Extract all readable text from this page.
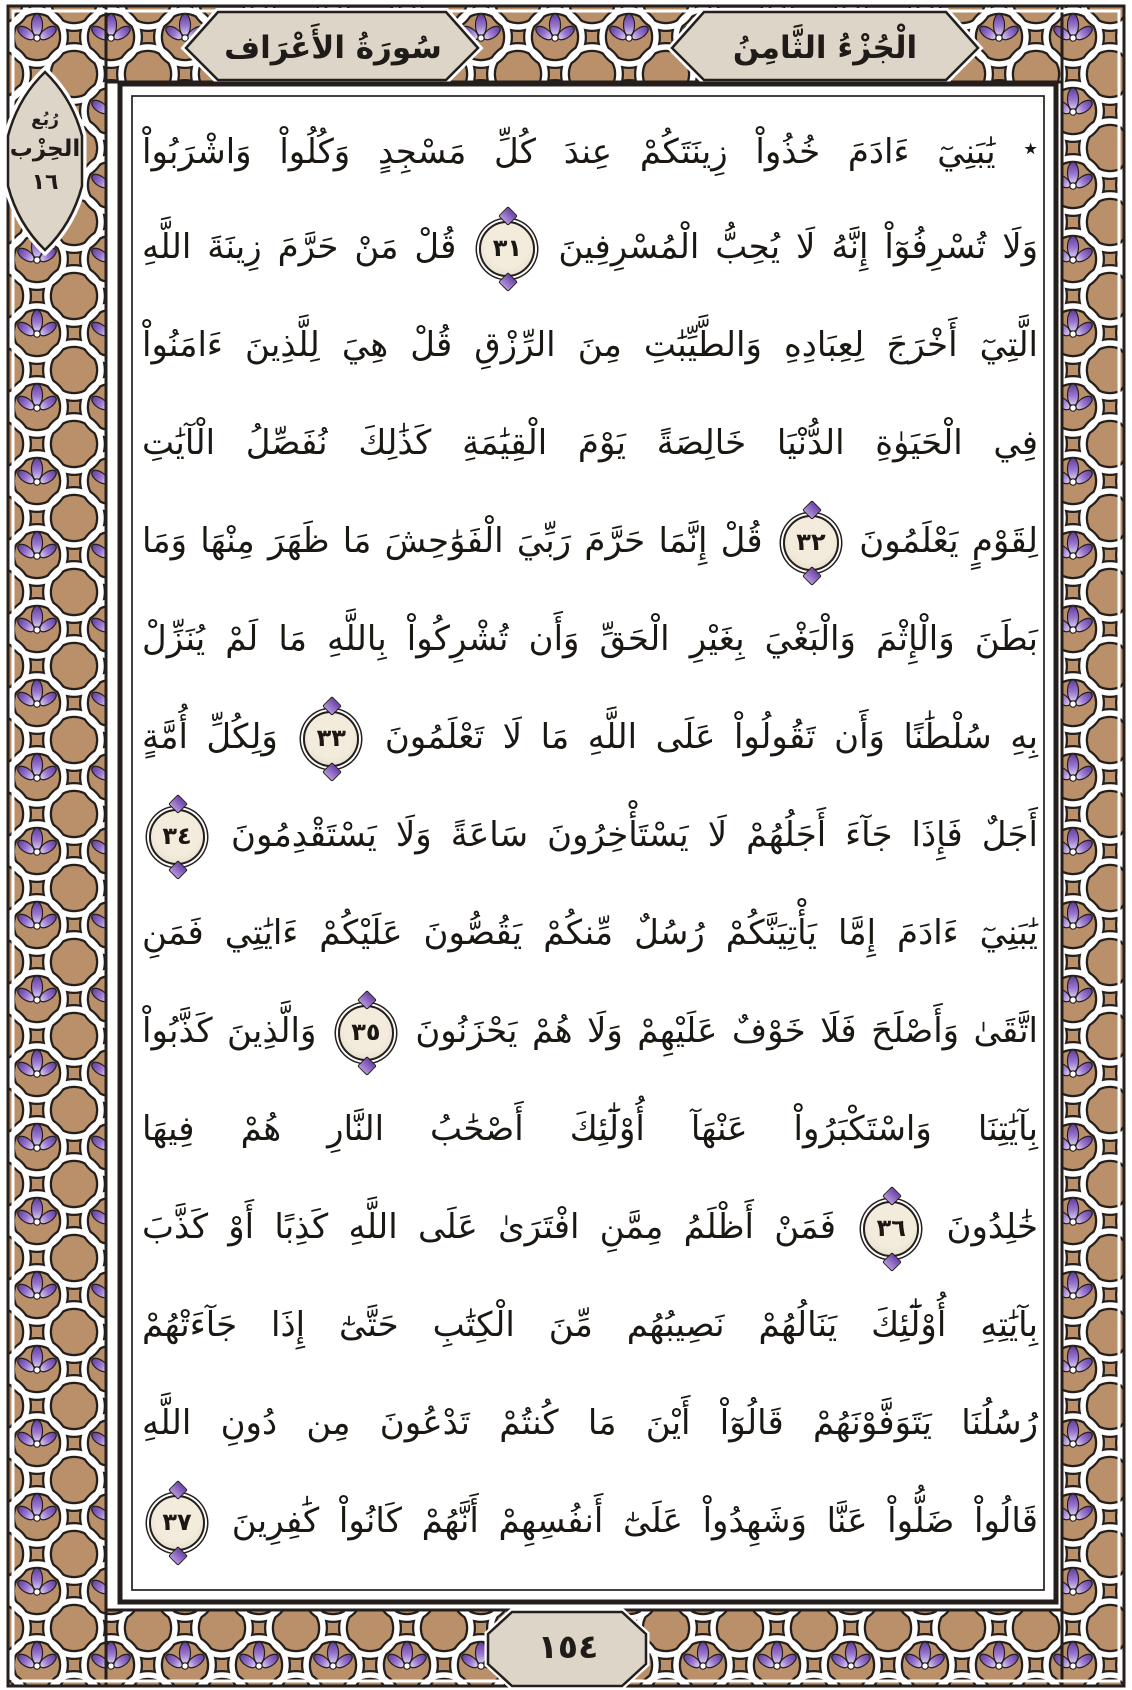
سُورَةُ الأَعْرَاف	الْجُزْءُ الثَّامِنُ
رُبُع
الحِزْب
١٦
٭ يَٰبَنِيٓ ءَادَمَ خُذُواْ زِينَتَكُمْ عِندَ كُلِّ مَسْجِدٍ وَكُلُواْ وَاشْرَبُواْ
وَلَا تُسْرِفُوٓاْ إِنَّهُ لَا يُحِبُّ الْمُسْرِفِينَ ٣١ قُلْ مَنْ حَرَّمَ زِينَةَ اللَّهِ
الَّتِيٓ أَخْرَجَ لِعِبَادِهِ وَالطَّيِّبَٰتِ مِنَ الرِّزْقِ قُلْ هِيَ لِلَّذِينَ ءَامَنُواْ
فِي الْحَيَوٰةِ الدُّنْيَا خَالِصَةً يَوْمَ الْقِيَٰمَةِ كَذَٰلِكَ نُفَصِّلُ الْآيَٰتِ
لِقَوْمٍ يَعْلَمُونَ ٣٢ قُلْ إِنَّمَا حَرَّمَ رَبِّيَ الْفَوَٰحِشَ مَا ظَهَرَ مِنْهَا وَمَا
بَطَنَ وَالْإِثْمَ وَالْبَغْيَ بِغَيْرِ الْحَقِّ وَأَن تُشْرِكُواْ بِاللَّهِ مَا لَمْ يُنَزِّلْ
بِهِ سُلْطَٰنًا وَأَن تَقُولُواْ عَلَى اللَّهِ مَا لَا تَعْلَمُونَ ٣٣ وَلِكُلِّ أُمَّةٍ
أَجَلٌ فَإِذَا جَآءَ أَجَلُهُمْ لَا يَسْتَأْخِرُونَ سَاعَةً وَلَا يَسْتَقْدِمُونَ ٣٤
يَٰبَنِيٓ ءَادَمَ إِمَّا يَأْتِيَنَّكُمْ رُسُلٌ مِّنكُمْ يَقُصُّونَ عَلَيْكُمْ ءَايَٰتِي فَمَنِ
اتَّقَىٰ وَأَصْلَحَ فَلَا خَوْفٌ عَلَيْهِمْ وَلَا هُمْ يَحْزَنُونَ ٣٥ وَالَّذِينَ كَذَّبُواْ
بِآيَٰتِنَا وَاسْتَكْبَرُواْ عَنْهَآ أُوْلَٰٓئِكَ أَصْحَٰبُ النَّارِ هُمْ فِيهَا
خَٰلِدُونَ ٣٦ فَمَنْ أَظْلَمُ مِمَّنِ افْتَرَىٰ عَلَى اللَّهِ كَذِبًا أَوْ كَذَّبَ
بِآيَٰتِهِ أُوْلَٰٓئِكَ يَنَالُهُمْ نَصِيبُهُم مِّنَ الْكِتَٰبِ حَتَّىٰٓ إِذَا جَآءَتْهُمْ
رُسُلُنَا يَتَوَفَّوْنَهُمْ قَالُوٓاْ أَيْنَ مَا كُنتُمْ تَدْعُونَ مِن دُونِ اللَّهِ
قَالُواْ ضَلُّواْ عَنَّا وَشَهِدُواْ عَلَىٰٓ أَنفُسِهِمْ أَنَّهُمْ كَانُواْ كَٰفِرِينَ ٣٧
١٥٤
